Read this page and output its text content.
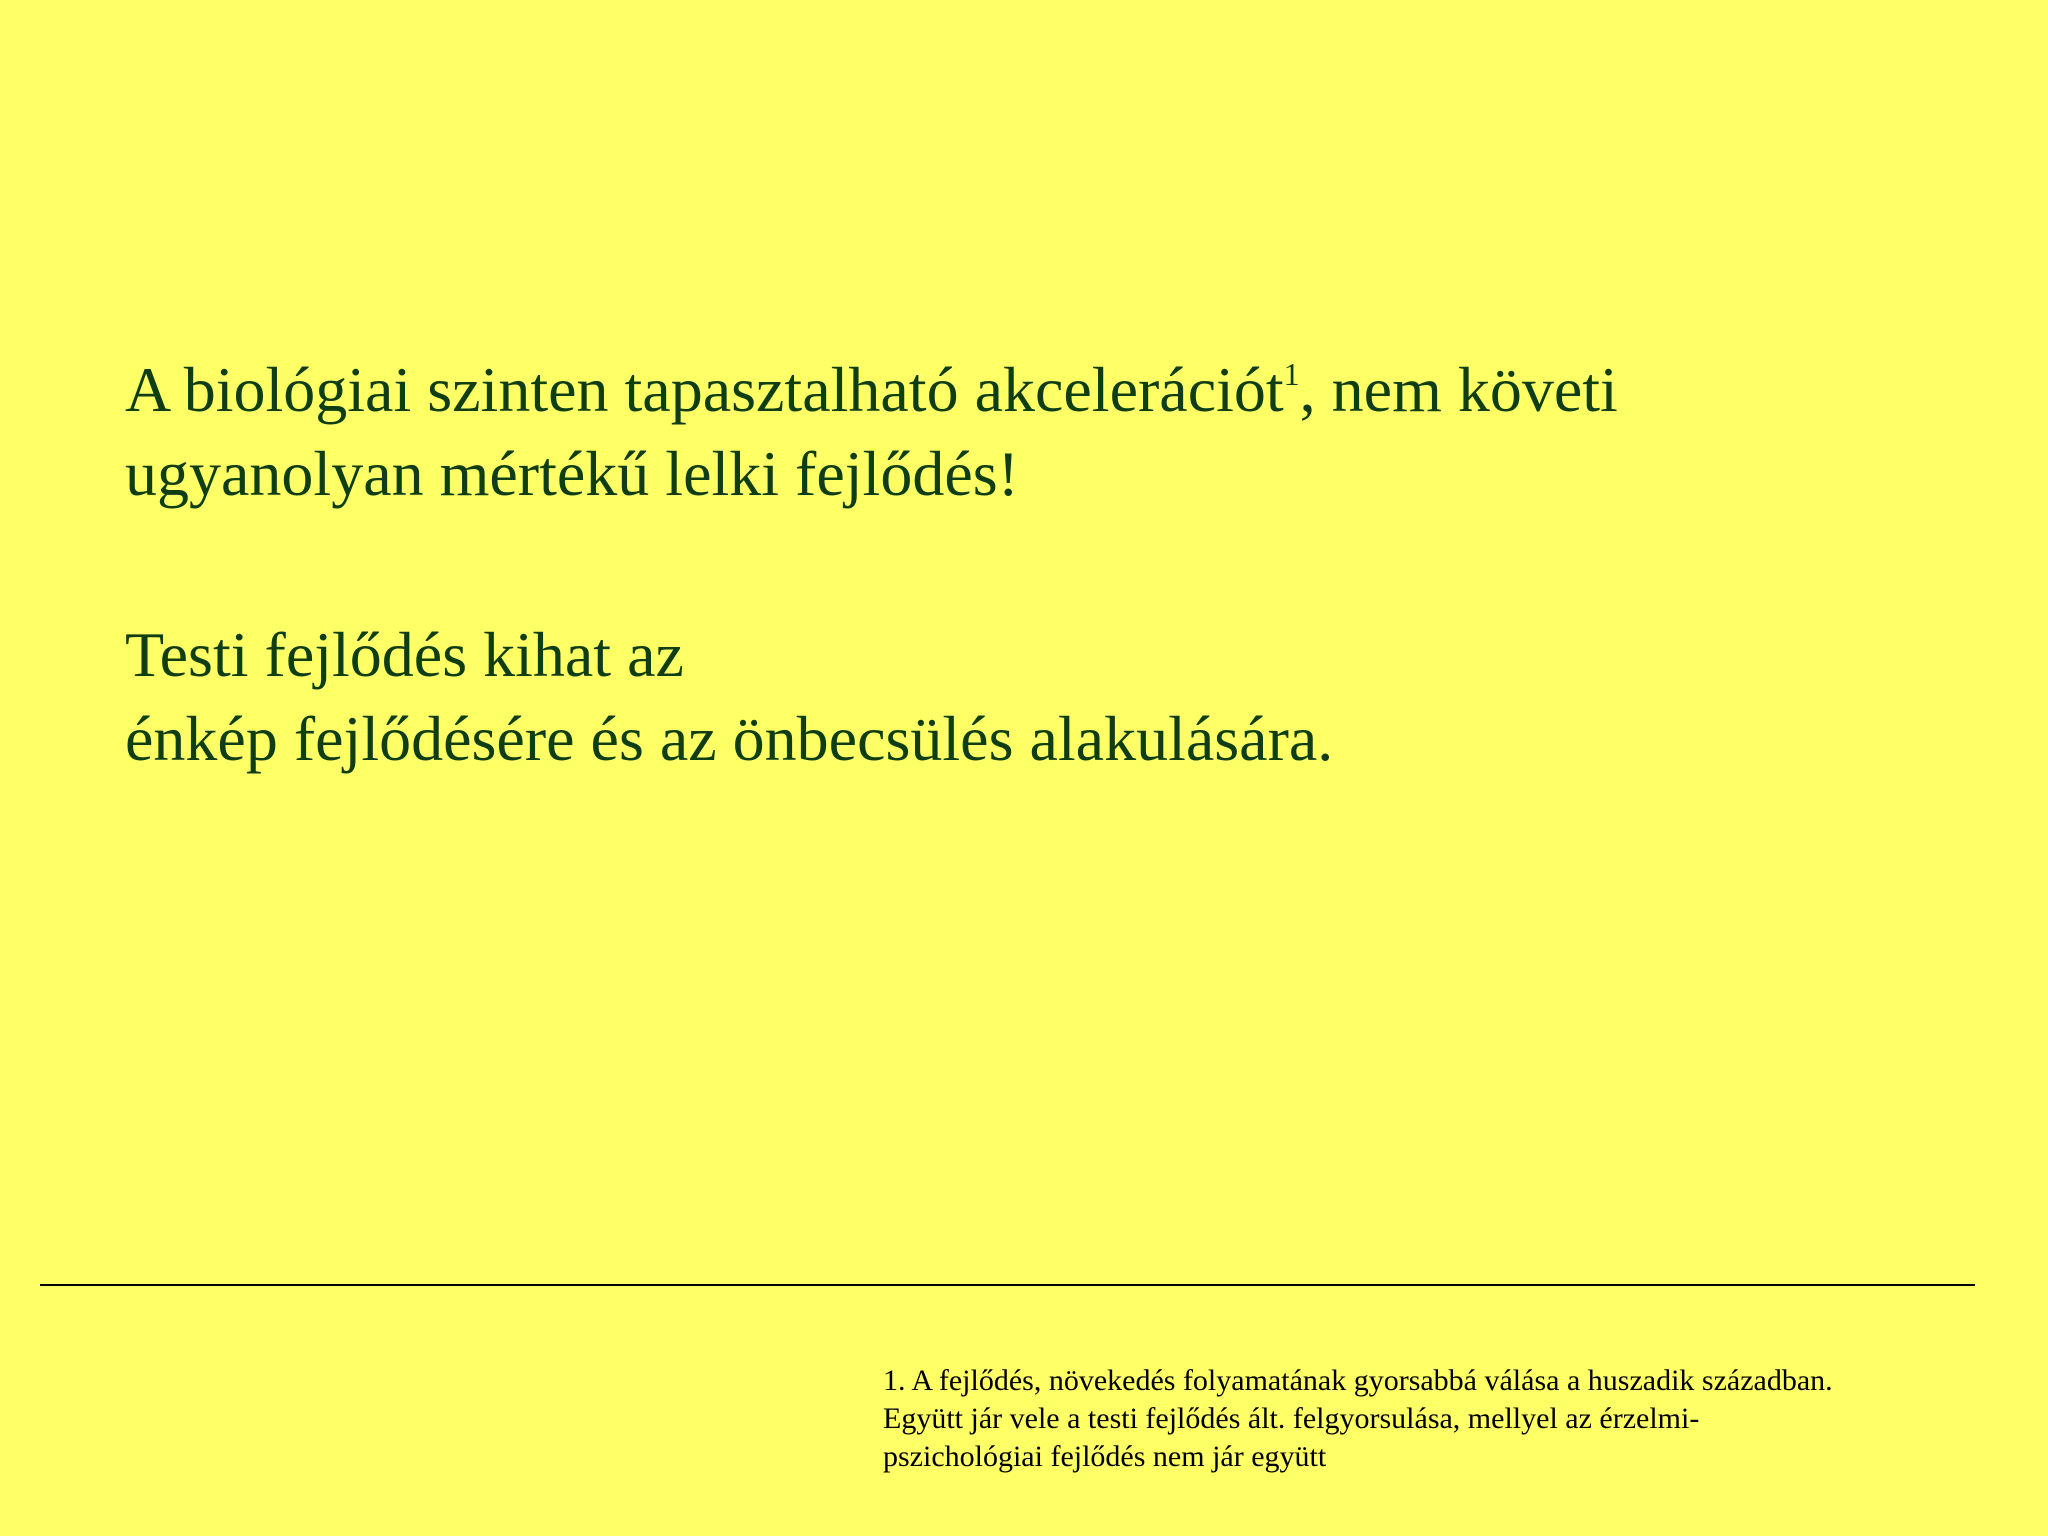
A biológiai szinten tapasztalható akcelerációt$^1$, nem követi
ugyanolyan mértékű lelki fejlődés!

Testi fejlődés kihat az
énkép fejlődésére és az önbecsülés alakulására.

1. A fejlődés, növekedés folyamatának gyorsabbá válása a huszadik században.
Együtt jár vele a testi fejlődés ált. felgyorsulása, mellyel az érzelmi-
pszichológiai fejlődés nem jár együtt
